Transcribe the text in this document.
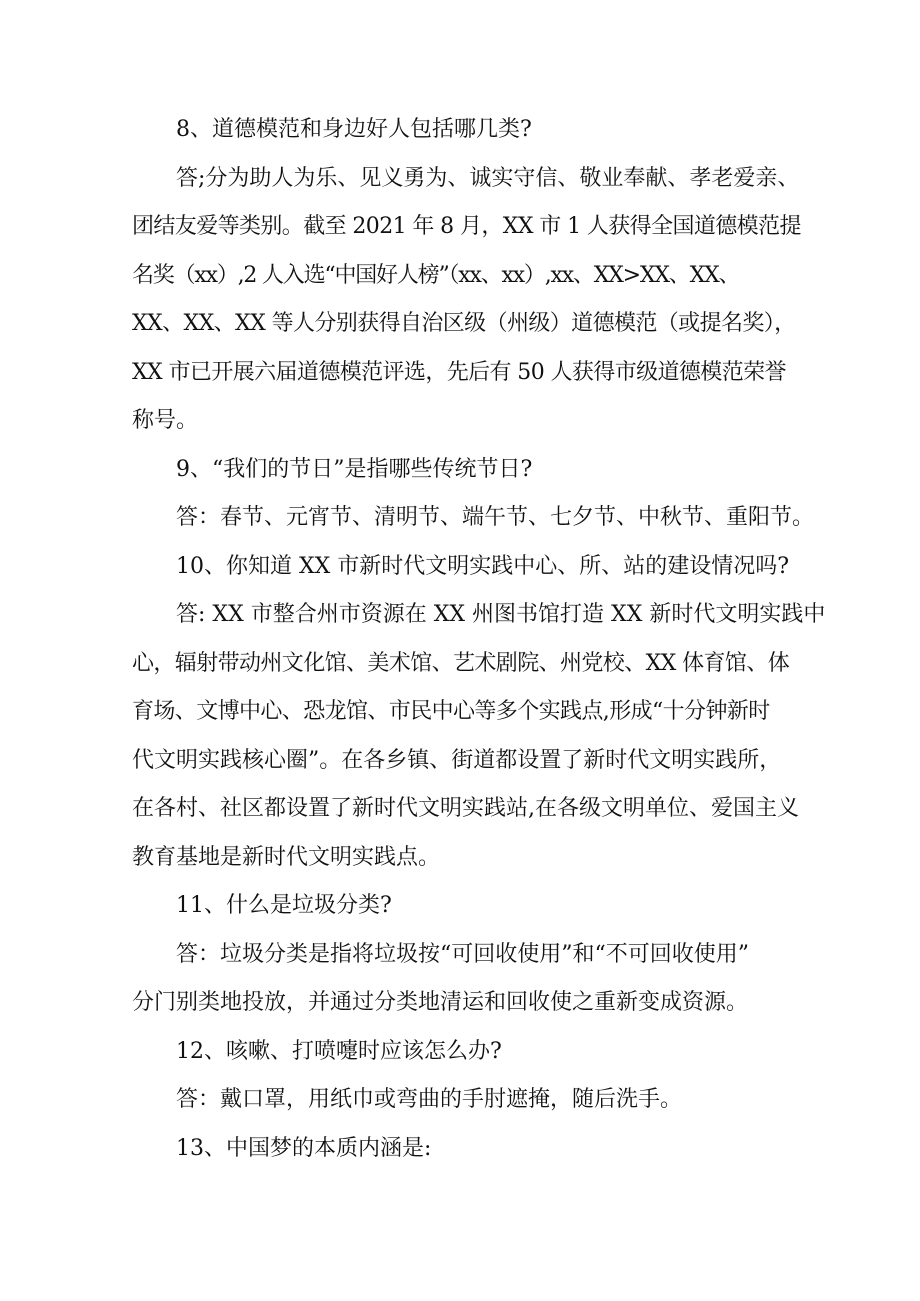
8、道德模范和身边好人包括哪几类?

答;分为助人为乐、见义勇为、诚实守信、敬业奉献、孝老爱亲、

团结友爱等类别。截至 2021 年 8 月，XX 市 1 人获得全国道德模范提

名奖（xx）,2 人入选“中国好人榜”（xx、xx）,xx、XX>XX、XX、

XX、XX、XX 等人分别获得自治区级（州级）道德模范（或提名奖），

XX 市已开展六届道德模范评选，先后有 50 人获得市级道德模范荣誉

称号。

9、“我们的节日”是指哪些传统节日?

答：春节、元宵节、清明节、端午节、七夕节、中秋节、重阳节。

10、你知道 XX 市新时代文明实践中心、所、站的建设情况吗?

答: XX 市整合州市资源在 XX 州图书馆打造 XX 新时代文明实践中

心，辐射带动州文化馆、美术馆、艺术剧院、州党校、XX 体育馆、体

育场、文博中心、恐龙馆、市民中心等多个实践点,形成“十分钟新时

代文明实践核心圈”。在各乡镇、街道都设置了新时代文明实践所，

在各村、社区都设置了新时代文明实践站,在各级文明单位、爱国主义

教育基地是新时代文明实践点。

11、什么是垃圾分类?

答：垃圾分类是指将垃圾按“可回收使用”和“不可回收使用”

分门别类地投放，并通过分类地清运和回收使之重新变成资源。

12、咳嗽、打喷嚏时应该怎么办?

答：戴口罩，用纸巾或弯曲的手肘遮掩，随后洗手。

13、中国梦的本质内涵是:
